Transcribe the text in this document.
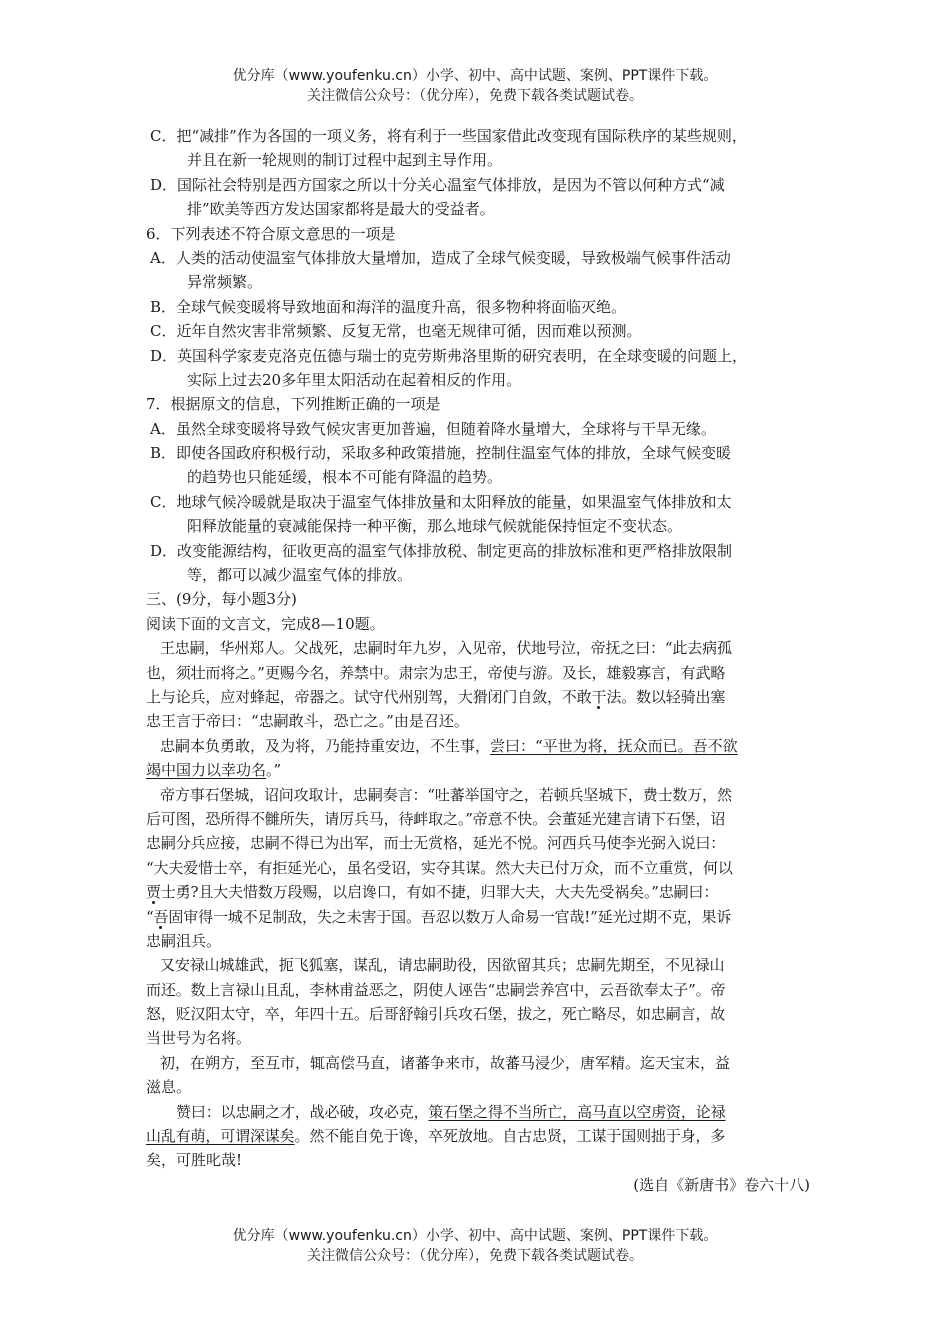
优分库（www.youfenku.cn）小学、初中、高中试题、案例、PPT课件下载。
关注微信公众号：（优分库），免费下载各类试题试卷。
C．把“减排”作为各国的一项义务，将有利于一些国家借此改变现有国际秩序的某些规则，
并且在新一轮规则的制订过程中起到主导作用。
D．国际社会特别是西方国家之所以十分关心温室气体排放，是因为不管以何种方式“减
排”欧美等西方发达国家都将是最大的受益者。
6．下列表述不符合原文意思的一项是
A．人类的活动使温室气体排放大量增加，造成了全球气候变暖，导致极端气候事件活动
异常频繁。
B．全球气候变暖将导致地面和海洋的温度升高，很多物种将面临灭绝。
C．近年自然灾害非常频繁、反复无常，也毫无规律可循，因而难以预测。
D．英国科学家麦克洛克伍德与瑞士的克劳斯弗洛里斯的研究表明，在全球变暖的问题上，
实际上过去20多年里太阳活动在起着相反的作用。
7．根据原文的信息，下列推断正确的一项是
A．虽然全球变暖将导致气候灾害更加普遍，但随着降水量增大，全球将与干旱无缘。
B．即使各国政府积极行动，采取多种政策措施，控制住温室气体的排放，全球气候变暖
的趋势也只能延缓，根本不可能有降温的趋势。
C．地球气候冷暖就是取决于温室气体排放量和太阳释放的能量，如果温室气体排放和太
阳释放能量的衰减能保持一种平衡，那么地球气候就能保持恒定不变状态。
D．改变能源结构，征收更高的温室气体排放税、制定更高的排放标准和更严格排放限制
等，都可以减少温室气体的排放。
三、(9分，每小题3分)
阅读下面的文言文，完成8—10题。
王忠嗣，华州郑人。父战死，忠嗣时年九岁，入见帝，伏地号泣，帝抚之曰：“此去病孤
也，须壮而将之。”更赐今名，养禁中。肃宗为忠王，帝使与游。及长，雄毅寡言，有武略
上与论兵，应对蜂起，帝器之。试守代州别驾，大猾闭门自敛，不敢干法。数以轻骑出塞
忠王言于帝曰：“忠嗣敢斗，恐亡之。”由是召还。
忠嗣本负勇敢，及为将，乃能持重安边，不生事，尝曰：“平世为将，抚众而已。吾不欲
竭中国力以幸功名。”
帝方事石堡城，诏问攻取计，忠嗣奏言：“吐蕃举国守之，若顿兵坚城下，费士数万，然
后可图，恐所得不雠所失，请厉兵马，待衅取之。”帝意不快。会董延光建言请下石堡，诏
忠嗣分兵应接，忠嗣不得已为出军，而士无赏格，延光不悦。河西兵马使李光弼入说曰：
“大夫爱惜士卒，有拒延光心，虽名受诏，实夺其谋。然大夫已付万众，而不立重赏，何以
贾士勇?且大夫惜数万段赐，以启谗口，有如不捷，归罪大夫，大夫先受祸矣。”忠嗣曰：
“吾固审得一城不足制敌，失之未害于国。吾忍以数万人命易一官哉!”延光过期不克，果诉
忠嗣沮兵。
又安禄山城雄武，扼飞狐塞，谋乱，请忠嗣助役，因欲留其兵；忠嗣先期至，不见禄山
而还。数上言禄山且乱，李林甫益恶之，阴使人诬告“忠嗣尝养宫中，云吾欲奉太子”。帝
怒，贬汉阳太守，卒，年四十五。后哥舒翰引兵攻石堡，拔之，死亡略尽，如忠嗣言，故
当世号为名将。
初，在朔方，至互市，辄高偿马直，诸蕃争来市，故蕃马浸少，唐军精。迄天宝末，益
滋息。
赞曰：以忠嗣之才，战必破，攻必克，策石堡之得不当所亡，高马直以空虏资，论禄
山乱有萌，可谓深谋矣。然不能自免于谗，卒死放地。自古忠贤，工谋于国则拙于身，多
矣，可胜叱哉!
(选自《新唐书》卷六十八)
优分库（www.youfenku.cn）小学、初中、高中试题、案例、PPT课件下载。
关注微信公众号：（优分库），免费下载各类试题试卷。
